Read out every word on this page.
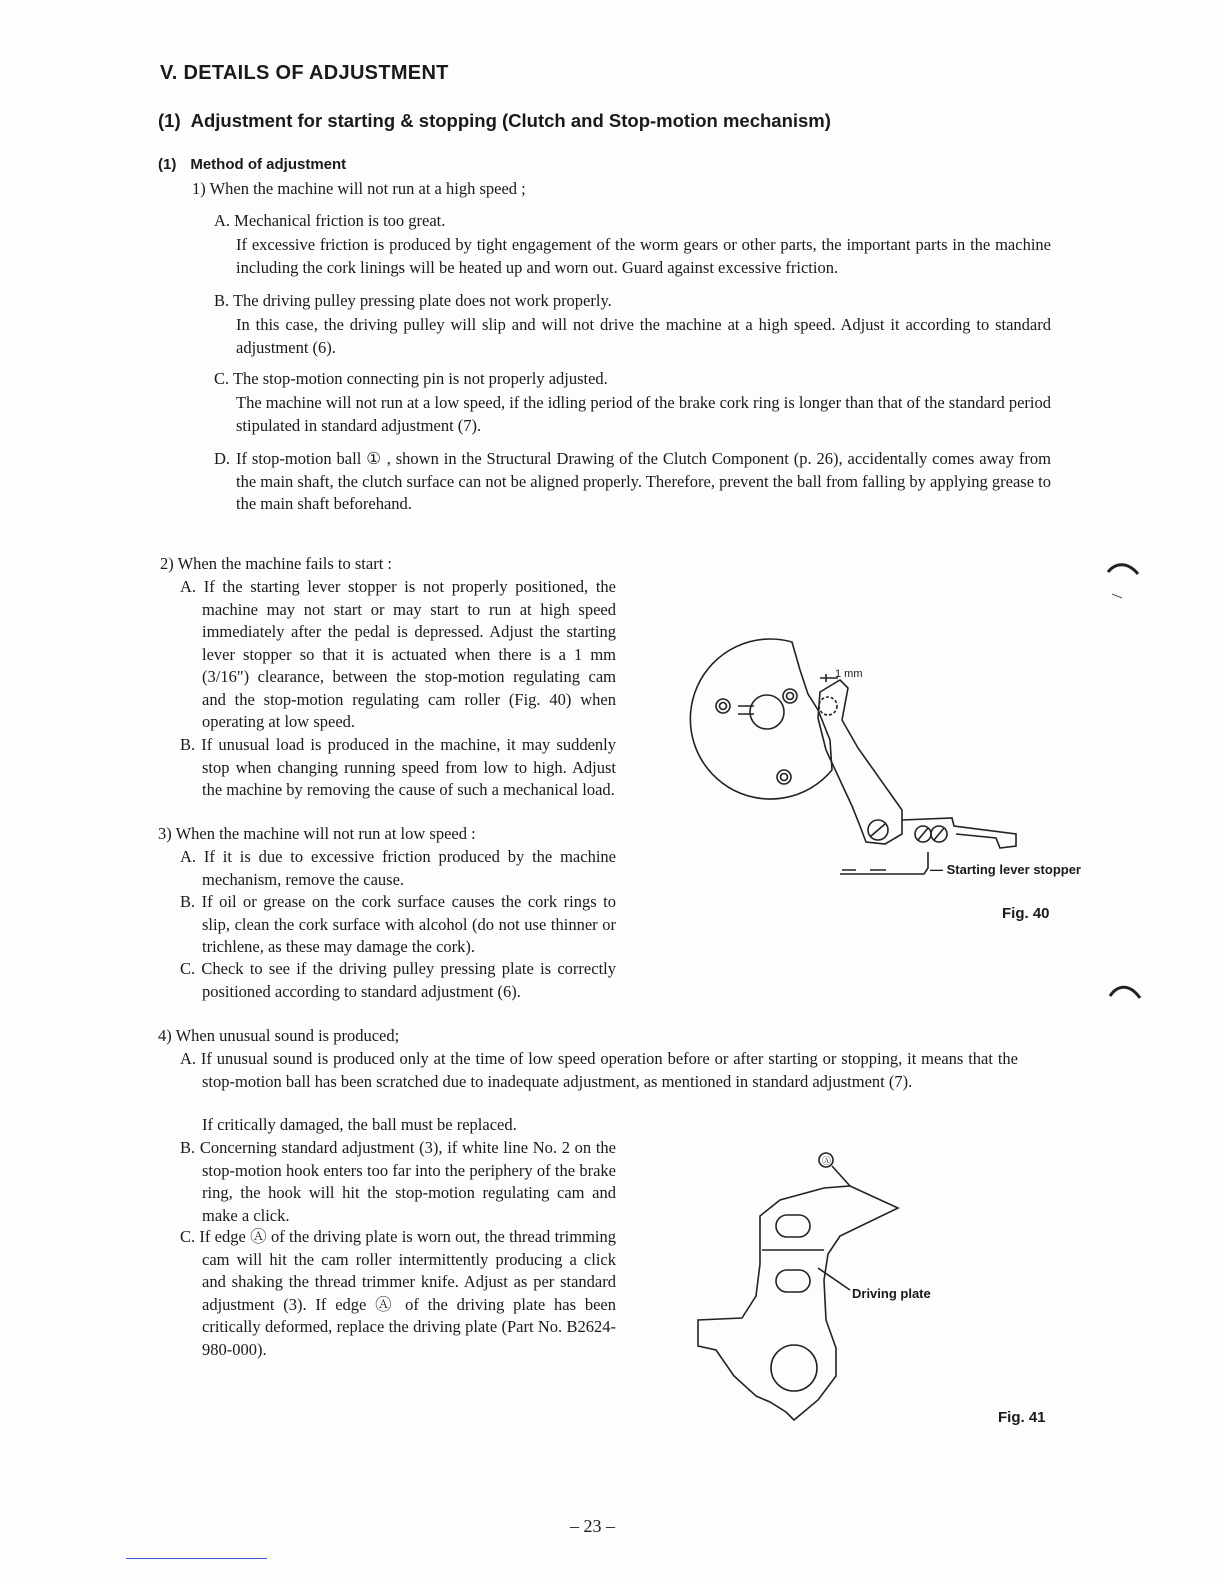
V. DETAILS OF ADJUSTMENT
(1) Adjustment for starting & stopping (Clutch and Stop-motion mechanism)
(1) Method of adjustment
1) When the machine will not run at a high speed ;
A. Mechanical friction is too great.
If excessive friction is produced by tight engagement of the worm gears or other parts, the important parts in the machine including the cork linings will be heated up and worn out. Guard against excessive friction.
B. The driving pulley pressing plate does not work properly.
In this case, the driving pulley will slip and will not drive the machine at a high speed. Adjust it according to standard adjustment (6).
C. The stop-motion connecting pin is not properly adjusted.
The machine will not run at a low speed, if the idling period of the brake cork ring is longer than that of the standard period stipulated in standard adjustment (7).
D. If stop-motion ball ① , shown in the Structural Drawing of the Clutch Component (p. 26), accidentally comes away from the main shaft, the clutch surface can not be aligned properly. Therefore, prevent the ball from falling by applying grease to the main shaft beforehand.
2) When the machine fails to start :
A. If the starting lever stopper is not properly positioned, the machine may not start or may start to run at high speed immediately after the pedal is depressed. Adjust the starting lever stopper so that it is actuated when there is a 1 mm (3/16") clearance, between the stop-motion regulating cam and the stop-motion regulating cam roller (Fig. 40) when operating at low speed.
B. If unusual load is produced in the machine, it may suddenly stop when changing running speed from low to high. Adjust the machine by removing the cause of such a mechanical load.
3) When the machine will not run at low speed :
A. If it is due to excessive friction produced by the machine mechanism, remove the cause.
B. If oil or grease on the cork surface causes the cork rings to slip, clean the cork surface with alcohol (do not use thinner or trichlene, as these may damage the cork).
C. Check to see if the driving pulley pressing plate is correctly positioned according to standard adjustment (6).
4) When unusual sound is produced;
A. If unusual sound is produced only at the time of low speed operation before or after starting or stopping, it means that the stop-motion ball has been scratched due to inadequate adjustment, as mentioned in standard adjustment (7).
If critically damaged, the ball must be replaced.
B. Concerning standard adjustment (3), if white line No. 2 on the stop-motion hook enters too far into the periphery of the brake ring, the hook will hit the stop-motion regulating cam and make a click.
C. If edge Ⓐ of the driving plate is worn out, the thread trimming cam will hit the cam roller intermittently producing a click and shaking the thread trimmer knife. Adjust as per standard adjustment (3). If edge Ⓐ of the driving plate has been critically deformed, replace the driving plate (Part No. B2624-980-000).
1 mm
— Starting lever stopper
Fig. 40
Ⓐ
Driving plate
Fig. 41
– 23 –
